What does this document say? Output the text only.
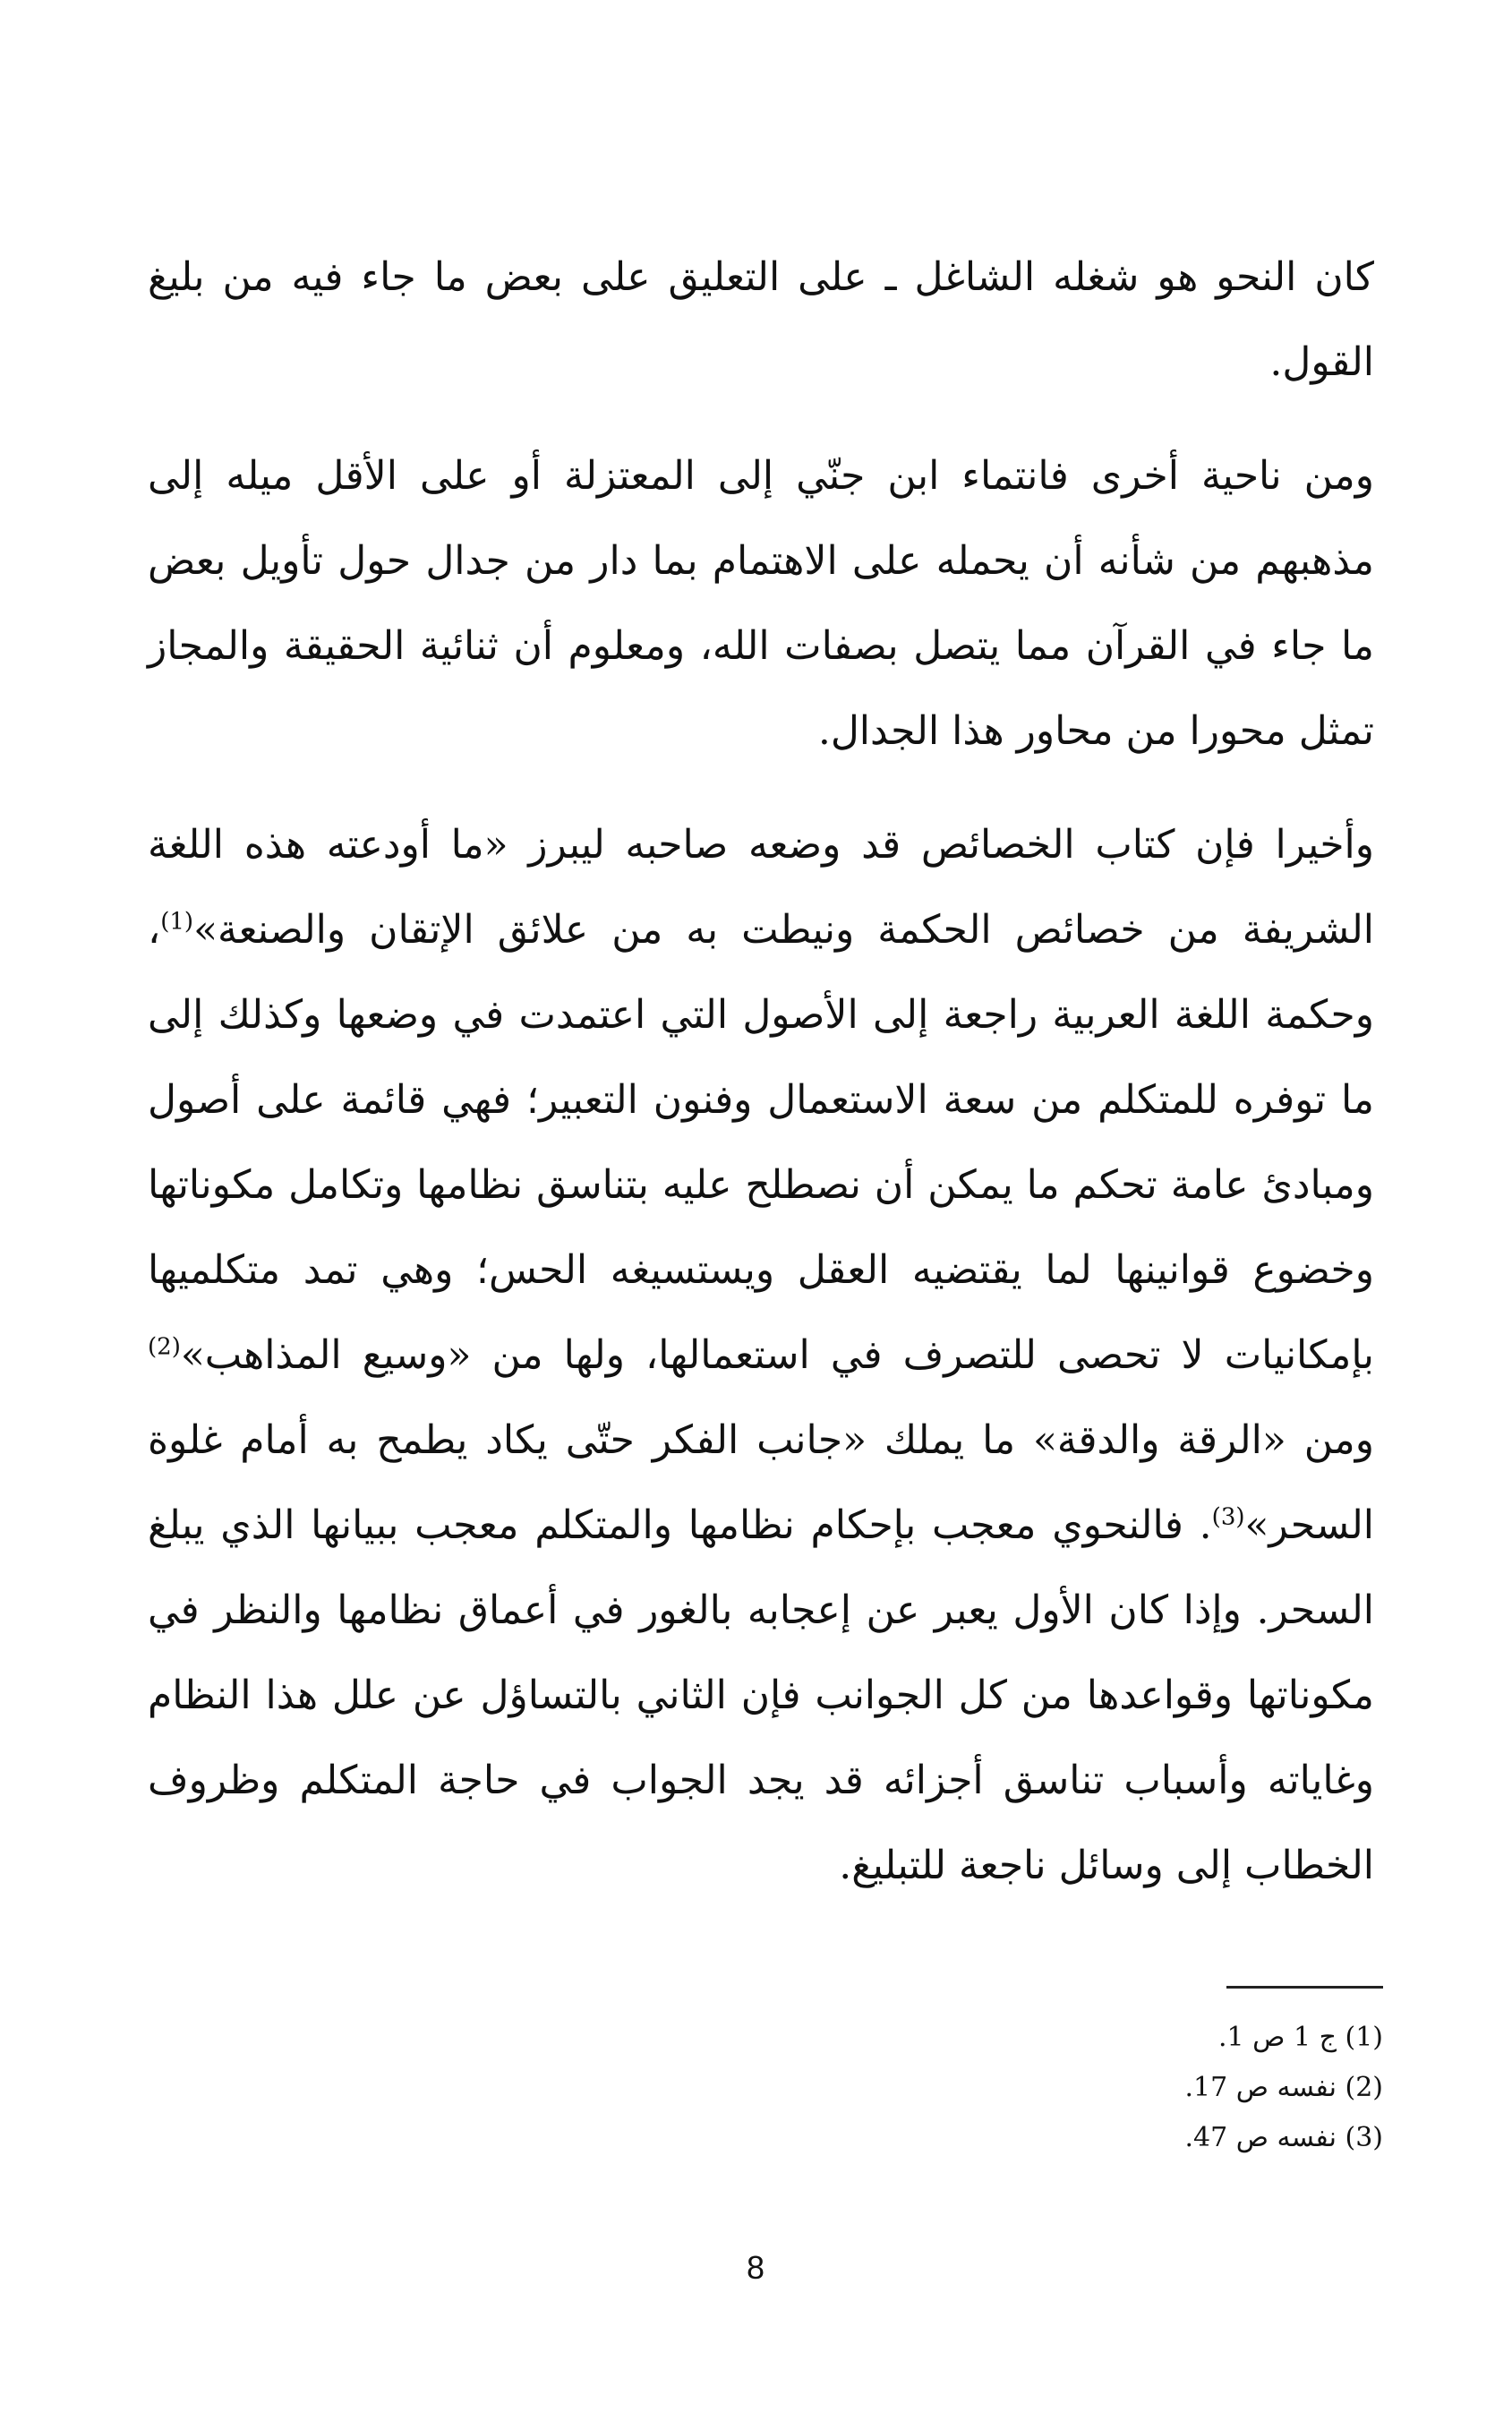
كان النحو هو شغله الشاغل ـ على التعليق على بعض ما جاء فيه من بليغ القول.

ومن ناحية أخرى فانتماء ابن جنّي إلى المعتزلة أو على الأقل ميله إلى مذهبهم من شأنه أن يحمله على الاهتمام بما دار من جدال حول تأويل بعض ما جاء في القرآن مما يتصل بصفات الله، ومعلوم أن ثنائية الحقيقة والمجاز تمثل محورا من محاور هذا الجدال.

وأخيرا فإن كتاب الخصائص قد وضعه صاحبه ليبرز «ما أودعته هذه اللغة الشريفة من خصائص الحكمة ونيطت به من علائق الإتقان والصنعة»$^{(1)}$، وحكمة اللغة العربية راجعة إلى الأصول التي اعتمدت في وضعها وكذلك إلى ما توفره للمتكلم من سعة الاستعمال وفنون التعبير؛ فهي قائمة على أصول ومبادئ عامة تحكم ما يمكن أن نصطلح عليه بتناسق نظامها وتكامل مكوناتها وخضوع قوانينها لما يقتضيه العقل ويستسيغه الحس؛ وهي تمد متكلميها بإمكانيات لا تحصى للتصرف في استعمالها، ولها من «وسيع المذاهب»$^{(2)}$ ومن «الرقة والدقة» ما يملك «جانب الفكر حتّى يكاد يطمح به أمام غلوة السحر»$^{(3)}$. فالنحوي معجب بإحكام نظامها والمتكلم معجب ببيانها الذي يبلغ السحر. وإذا كان الأول يعبر عن إعجابه بالغور في أعماق نظامها والنظر في مكوناتها وقواعدها من كل الجوانب فإن الثاني بالتساؤل عن علل هذا النظام وغاياته وأسباب تناسق أجزائه قد يجد الجواب في حاجة المتكلم وظروف الخطاب إلى وسائل ناجعة للتبليغ.

(1) ج 1 ص 1.

(2) نفسه ص 17.

(3) نفسه ص 47.

8
